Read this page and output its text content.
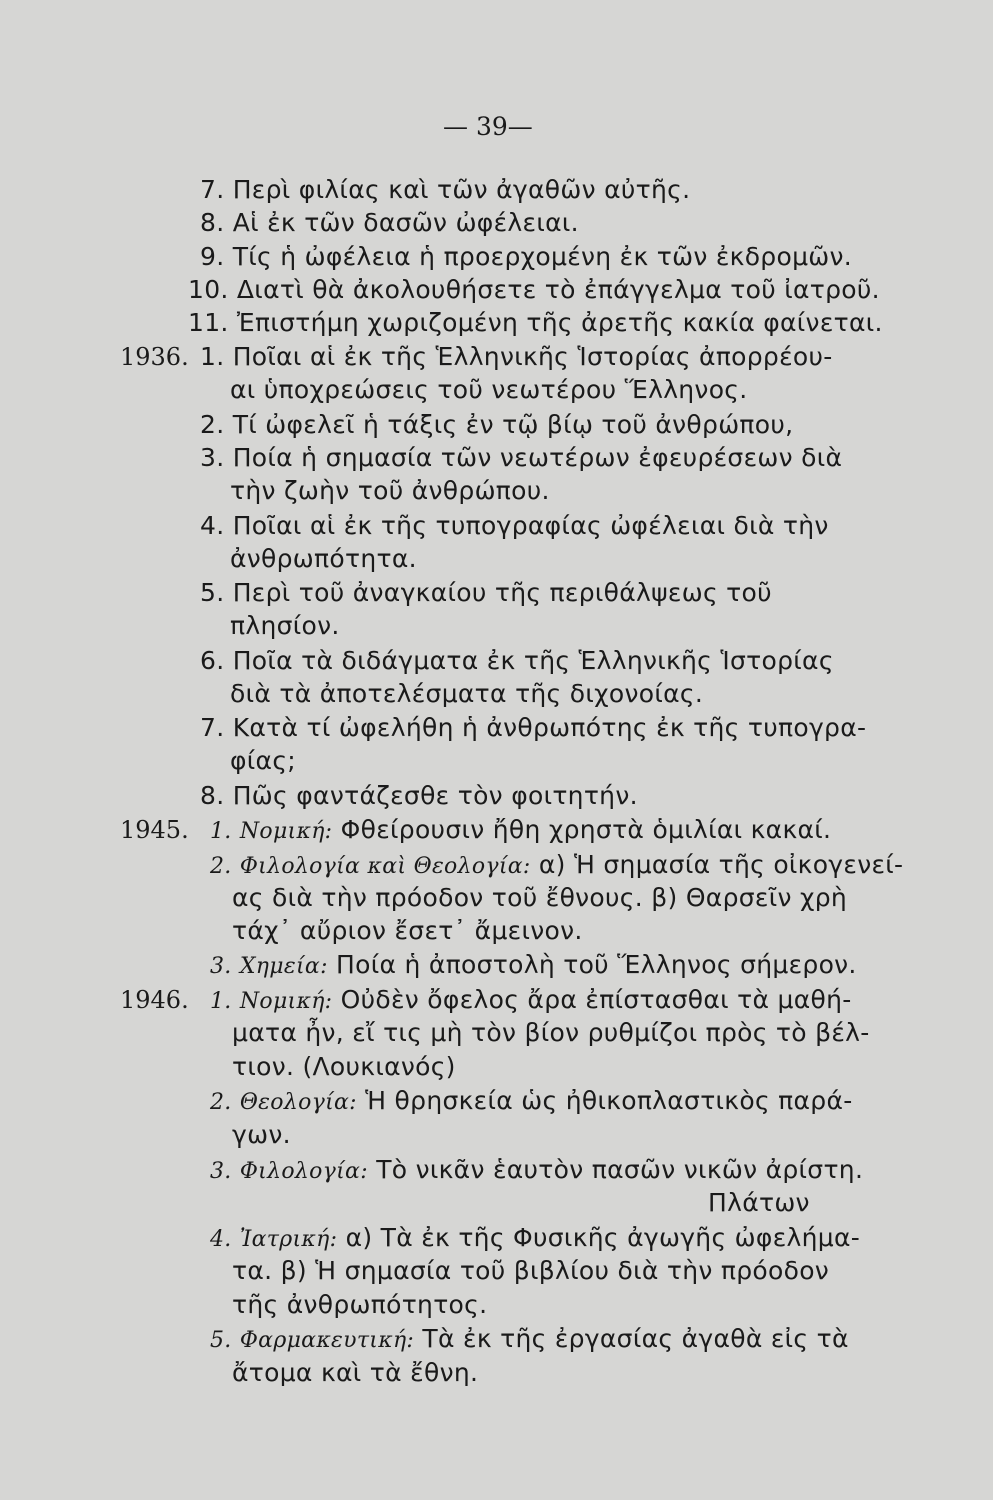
— 39—
7. Περὶ φιλίας καὶ τῶν ἀγαθῶν αὐτῆς.
8. Αἱ ἐκ τῶν δασῶν ὠφέλειαι.
9. Τίς ἡ ὠφέλεια ἡ προερχομένη ἐκ τῶν ἐκδρομῶν.
10. Διατὶ θὰ ἀκολουθήσετε τὸ ἐπάγγελμα τοῦ ἰατροῦ.
11. Ἐπιστήμη χωριζομένη τῆς ἀρετῆς κακία φαίνεται.
1936. 1. Ποῖαι αἱ ἐκ τῆς Ἑλληνικῆς Ἱστορίας ἀπορρέου-
αι ὑποχρεώσεις τοῦ νεωτέρου Ἕλληνος.
2. Τί ὠφελεῖ ἡ τάξις ἐν τῷ βίῳ τοῦ ἀνθρώπου,
3. Ποία ἡ σημασία τῶν νεωτέρων ἐφευρέσεων διὰ
τὴν ζωὴν τοῦ ἀνθρώπου.
4. Ποῖαι αἱ ἐκ τῆς τυπογραφίας ὠφέλειαι διὰ τὴν
ἀνθρωπότητα.
5. Περὶ τοῦ ἀναγκαίου τῆς περιθάλψεως τοῦ
πλησίον.
6. Ποῖα τὰ διδάγματα ἐκ τῆς Ἑλληνικῆς Ἱστορίας
διὰ τὰ ἀποτελέσματα τῆς διχονοίας.
7. Κατὰ τί ὠφελήθη ἡ ἀνθρωπότης ἐκ τῆς τυπογρα-
φίας;
8. Πῶς φαντάζεσθε τὸν φοιτητήν.
1945. 1. Νομική: Φθείρουσιν ἤθη χρηστὰ ὁμιλίαι κακαί.
2. Φιλολογία καὶ Θεολογία: α) Ἡ σημασία τῆς οἰκογενεί-
ας διὰ τὴν πρόοδον τοῦ ἔθνους. β) Θαρσεῖν χρὴ
τάχ᾽ αὔριον ἔσετ᾽ ἄμεινον.
3. Χημεία: Ποία ἡ ἀποστολὴ τοῦ Ἕλληνος σήμερον.
1946. 1. Νομική: Οὐδὲν ὄφελος ἄρα ἐπίστασθαι τὰ μαθή-
ματα ἦν, εἴ τις μὴ τὸν βίον ρυθμίζοι πρὸς τὸ βέλ-
τιον. (Λουκιανός)
2. Θεολογία: Ἡ θρησκεία ὡς ἠθικοπλαστικὸς παρά-
γων.
3. Φιλολογία: Τὸ νικᾶν ἑαυτὸν πασῶν νικῶν ἀρίστη.
Πλάτων
4. Ἰατρική: α) Τὰ ἐκ τῆς Φυσικῆς ἀγωγῆς ὠφελήμα-
τα. β) Ἡ σημασία τοῦ βιβλίου διὰ τὴν πρόοδον
τῆς ἀνθρωπότητος.
5. Φαρμακευτική: Τὰ ἐκ τῆς ἐργασίας ἀγαθὰ εἰς τὰ
ἄτομα καὶ τὰ ἔθνη.
